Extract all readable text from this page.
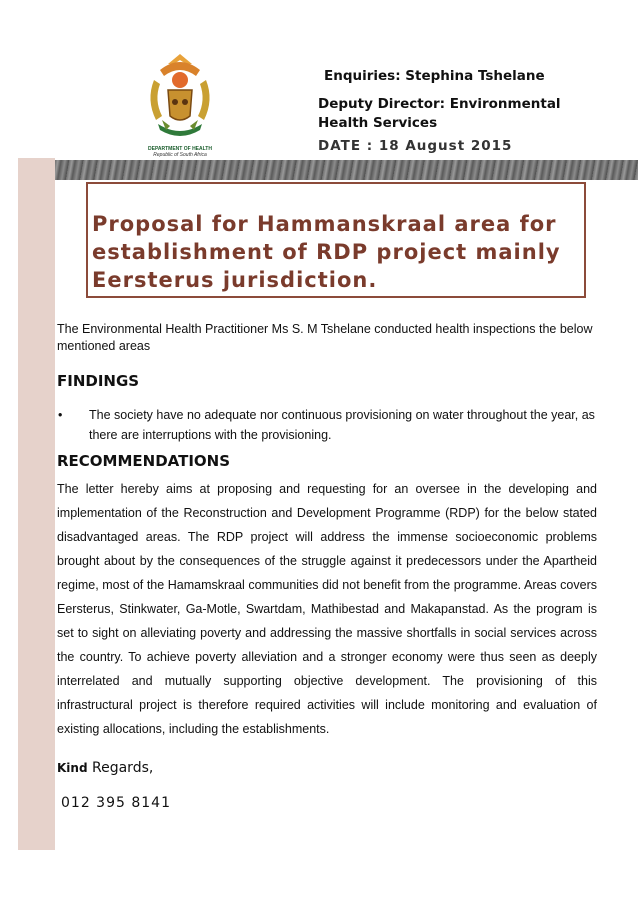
DEPARTMENT OF HEALTH
Republic of South Africa
Enquiries: Stephina Tshelane
Deputy Director: Environmental Health Services
DATE : 18 August 2015
Proposal for Hammanskraal area for establishment of RDP project mainly Eersterus jurisdiction.
The Environmental Health Practitioner Ms S. M Tshelane conducted health inspections the below mentioned areas
FINDINGS
• The society have no adequate nor continuous provisioning on water throughout the year, as there are interruptions with the provisioning.
RECOMMENDATIONS
The letter hereby aims at proposing and requesting for an oversee in the developing and implementation of the Reconstruction and Development Programme (RDP) for the below stated disadvantaged areas. The RDP project will address the immense socioeconomic problems brought about by the consequences of the struggle against it predecessors under the Apartheid regime, most of the Hamamskraal communities did not benefit from the programme. Areas covers Eersterus, Stinkwater, Ga-Motle, Swartdam, Mathibestad and Makapanstad. As the program is set to sight on alleviating poverty and addressing the massive shortfalls in social services across the country. To achieve poverty alleviation and a stronger economy were thus seen as deeply interrelated and mutually supporting objective development. The provisioning of this infrastructural project is therefore required activities will include monitoring and evaluation of existing allocations, including the establishments.
Kind Regards,
012 395 8141
